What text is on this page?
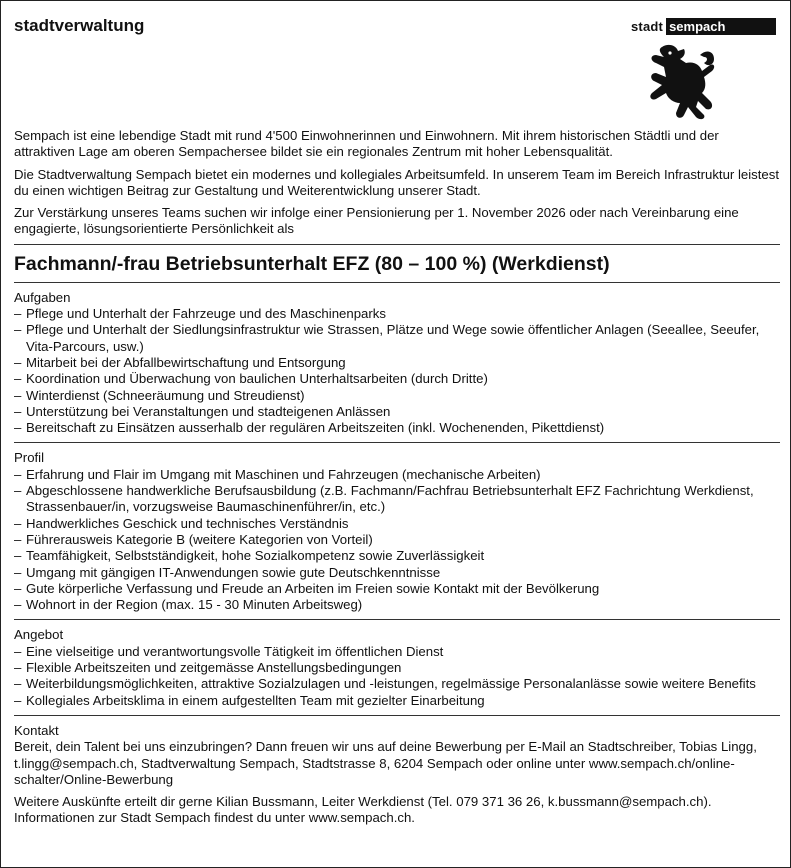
stadtverwaltung	stadt sempach

Sempach ist eine lebendige Stadt mit rund 4'500 Einwohnerinnen und Einwohnern. Mit ihrem historischen Städtli und der attraktiven Lage am oberen Sempachersee bildet sie ein regionales Zentrum mit hoher Lebensqualität.

Die Stadtverwaltung Sempach bietet ein modernes und kollegiales Arbeitsumfeld. In unserem Team im Bereich Infrastruktur leistest du einen wichtigen Beitrag zur Gestaltung und Weiterentwicklung unserer Stadt.

Zur Verstärkung unseres Teams suchen wir infolge einer Pensionierung per 1. November 2026 oder nach Vereinbarung eine engagierte, lösungsorientierte Persönlichkeit als

Fachmann/-frau Betriebsunterhalt EFZ (80 – 100 %) (Werkdienst)
Aufgaben
– Pflege und Unterhalt der Fahrzeuge und des Maschinenparks
– Pflege und Unterhalt der Siedlungsinfrastruktur wie Strassen, Plätze und Wege sowie öffentlicher Anlagen (Seeallee, Seeufer, Vita-Parcours, usw.)
– Mitarbeit bei der Abfallbewirtschaftung und Entsorgung
– Koordination und Überwachung von baulichen Unterhaltsarbeiten (durch Dritte)
– Winterdienst (Schneeräumung und Streudienst)
– Unterstützung bei Veranstaltungen und stadteigenen Anlässen
– Bereitschaft zu Einsätzen ausserhalb der regulären Arbeitszeiten (inkl. Wochenenden, Pikettdienst)
Profil
– Erfahrung und Flair im Umgang mit Maschinen und Fahrzeugen (mechanische Arbeiten)
– Abgeschlossene handwerkliche Berufsausbildung (z.B. Fachmann/Fachfrau Betriebsunterhalt EFZ Fachrichtung Werkdienst, Strassenbauer/in, vorzugsweise Baumaschinenführer/in, etc.)
– Handwerkliches Geschick und technisches Verständnis
– Führerausweis Kategorie B (weitere Kategorien von Vorteil)
– Teamfähigkeit, Selbstständigkeit, hohe Sozialkompetenz sowie Zuverlässigkeit
– Umgang mit gängigen IT-Anwendungen sowie gute Deutschkenntnisse
– Gute körperliche Verfassung und Freude an Arbeiten im Freien sowie Kontakt mit der Bevölkerung
– Wohnort in der Region (max. 15 - 30 Minuten Arbeitsweg)
Angebot
– Eine vielseitige und verantwortungsvolle Tätigkeit im öffentlichen Dienst
– Flexible Arbeitszeiten und zeitgemässe Anstellungsbedingungen
– Weiterbildungsmöglichkeiten, attraktive Sozialzulagen und -leistungen, regelmässige Personalanlässe sowie weitere Benefits
– Kollegiales Arbeitsklima in einem aufgestellten Team mit gezielter Einarbeitung
Kontakt

Bereit, dein Talent bei uns einzubringen? Dann freuen wir uns auf deine Bewerbung per E-Mail an Stadtschreiber, Tobias Lingg, t.lingg@sempach.ch, Stadtverwaltung Sempach, Stadtstrasse 8, 6204 Sempach oder online unter www.sempach.ch/online-schalter/Online-Bewerbung

Weitere Auskünfte erteilt dir gerne Kilian Bussmann, Leiter Werkdienst (Tel. 079 371 36 26, k.bussmann@sempach.ch). Informationen zur Stadt Sempach findest du unter www.sempach.ch.
